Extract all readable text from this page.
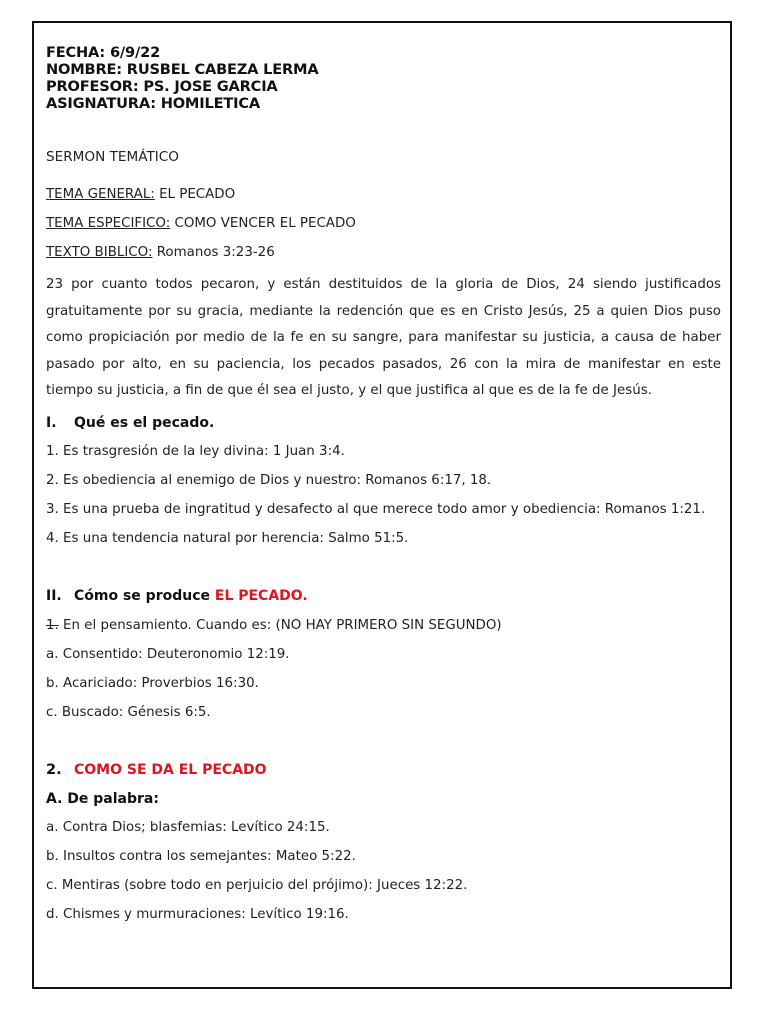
FECHA: 6/9/22
NOMBRE: RUSBEL CABEZA LERMA
PROFESOR: PS. JOSE GARCIA
ASIGNATURA: HOMILETICA
SERMON TEMÁTICO
TEMA GENERAL: EL PECADO
TEMA ESPECIFICO: COMO VENCER EL PECADO
TEXTO BIBLICO: Romanos 3:23-26
23 por cuanto todos pecaron, y están destituidos de la gloria de Dios, 24 siendo justificados
gratuitamente por su gracia, mediante la redención que es en Cristo Jesús, 25 a quien Dios puso
como propiciación por medio de la fe en su sangre, para manifestar su justicia, a causa de haber
pasado por alto, en su paciencia, los pecados pasados, 26 con la mira de manifestar en este
tiempo su justicia, a fin de que él sea el justo, y el que justifica al que es de la fe de Jesús.
I. Qué es el pecado.
1. Es trasgresión de la ley divina: 1 Juan 3:4.
2. Es obediencia al enemigo de Dios y nuestro: Romanos 6:17, 18.
3. Es una prueba de ingratitud y desafecto al que merece todo amor y obediencia: Romanos 1:21.
4. Es una tendencia natural por herencia: Salmo 51:5.
II. Cómo se produce EL PECADO.
1. En el pensamiento. Cuando es: (NO HAY PRIMERO SIN SEGUNDO)
a. Consentido: Deuteronomio 12:19.
b. Acariciado: Proverbios 16:30.
c. Buscado: Génesis 6:5.
2. COMO SE DA EL PECADO
A. De palabra:
a. Contra Dios; blasfemias: Levítico 24:15.
b. Insultos contra los semejantes: Mateo 5:22.
c. Mentiras (sobre todo en perjuicio del prójimo): Jueces 12:22.
d. Chismes y murmuraciones: Levítico 19:16.
